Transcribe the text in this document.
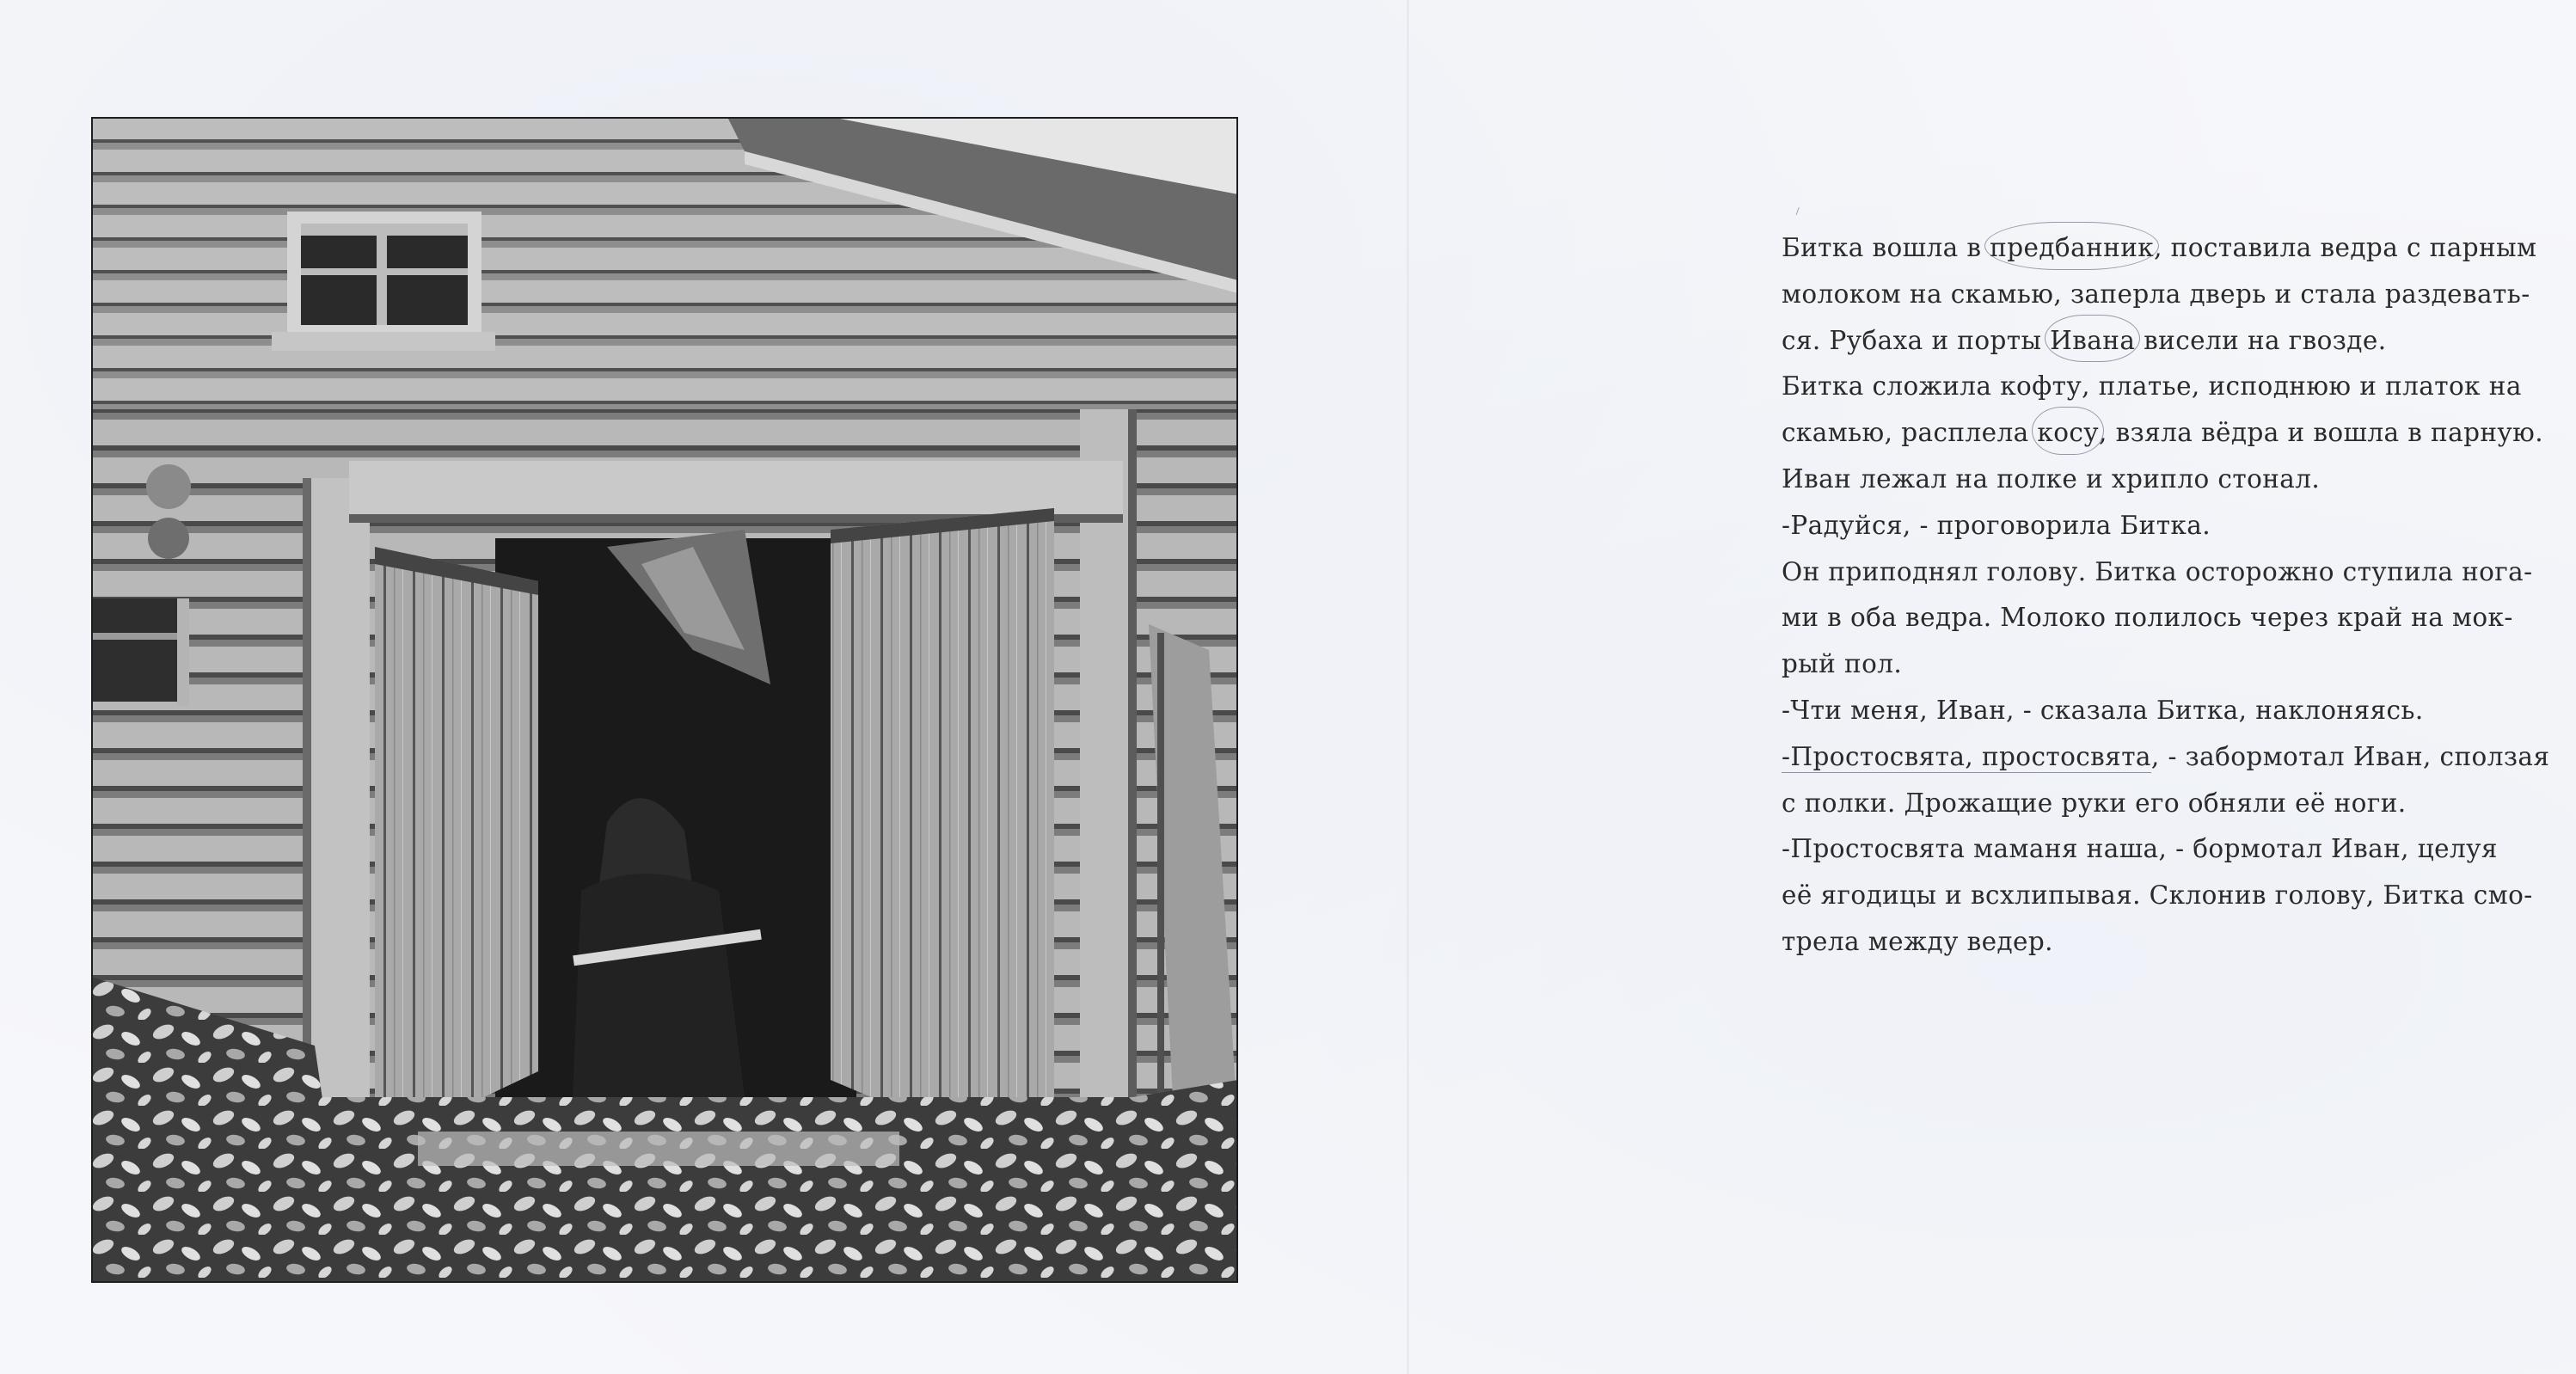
Битка вошла в предбанник, поставила ведра с парным
молоком на скамью, заперла дверь и стала раздевать-
ся. Рубаха и порты Ивана висели на гвозде.
Битка сложила кофту, платье, исподнюю и платок на
скамью, расплела косу, взяла вёдра и вошла в парную.
Иван лежал на полке и хрипло стонал.
-Радуйся, - проговорила Битка.
Он приподнял голову. Битка осторожно ступила нога-
ми в оба ведра. Молоко полилось через край на мок-
рый пол.
-Чти меня, Иван, - сказала Битка, наклоняясь.
-Простосвята, простосвята, - забормотал Иван, сползая
с полки. Дрожащие руки его обняли её ноги.
-Простосвята маманя наша, - бормотал Иван, целуя
её ягодицы и всхлипывая. Склонив голову, Битка смо-
трела между ведер.
